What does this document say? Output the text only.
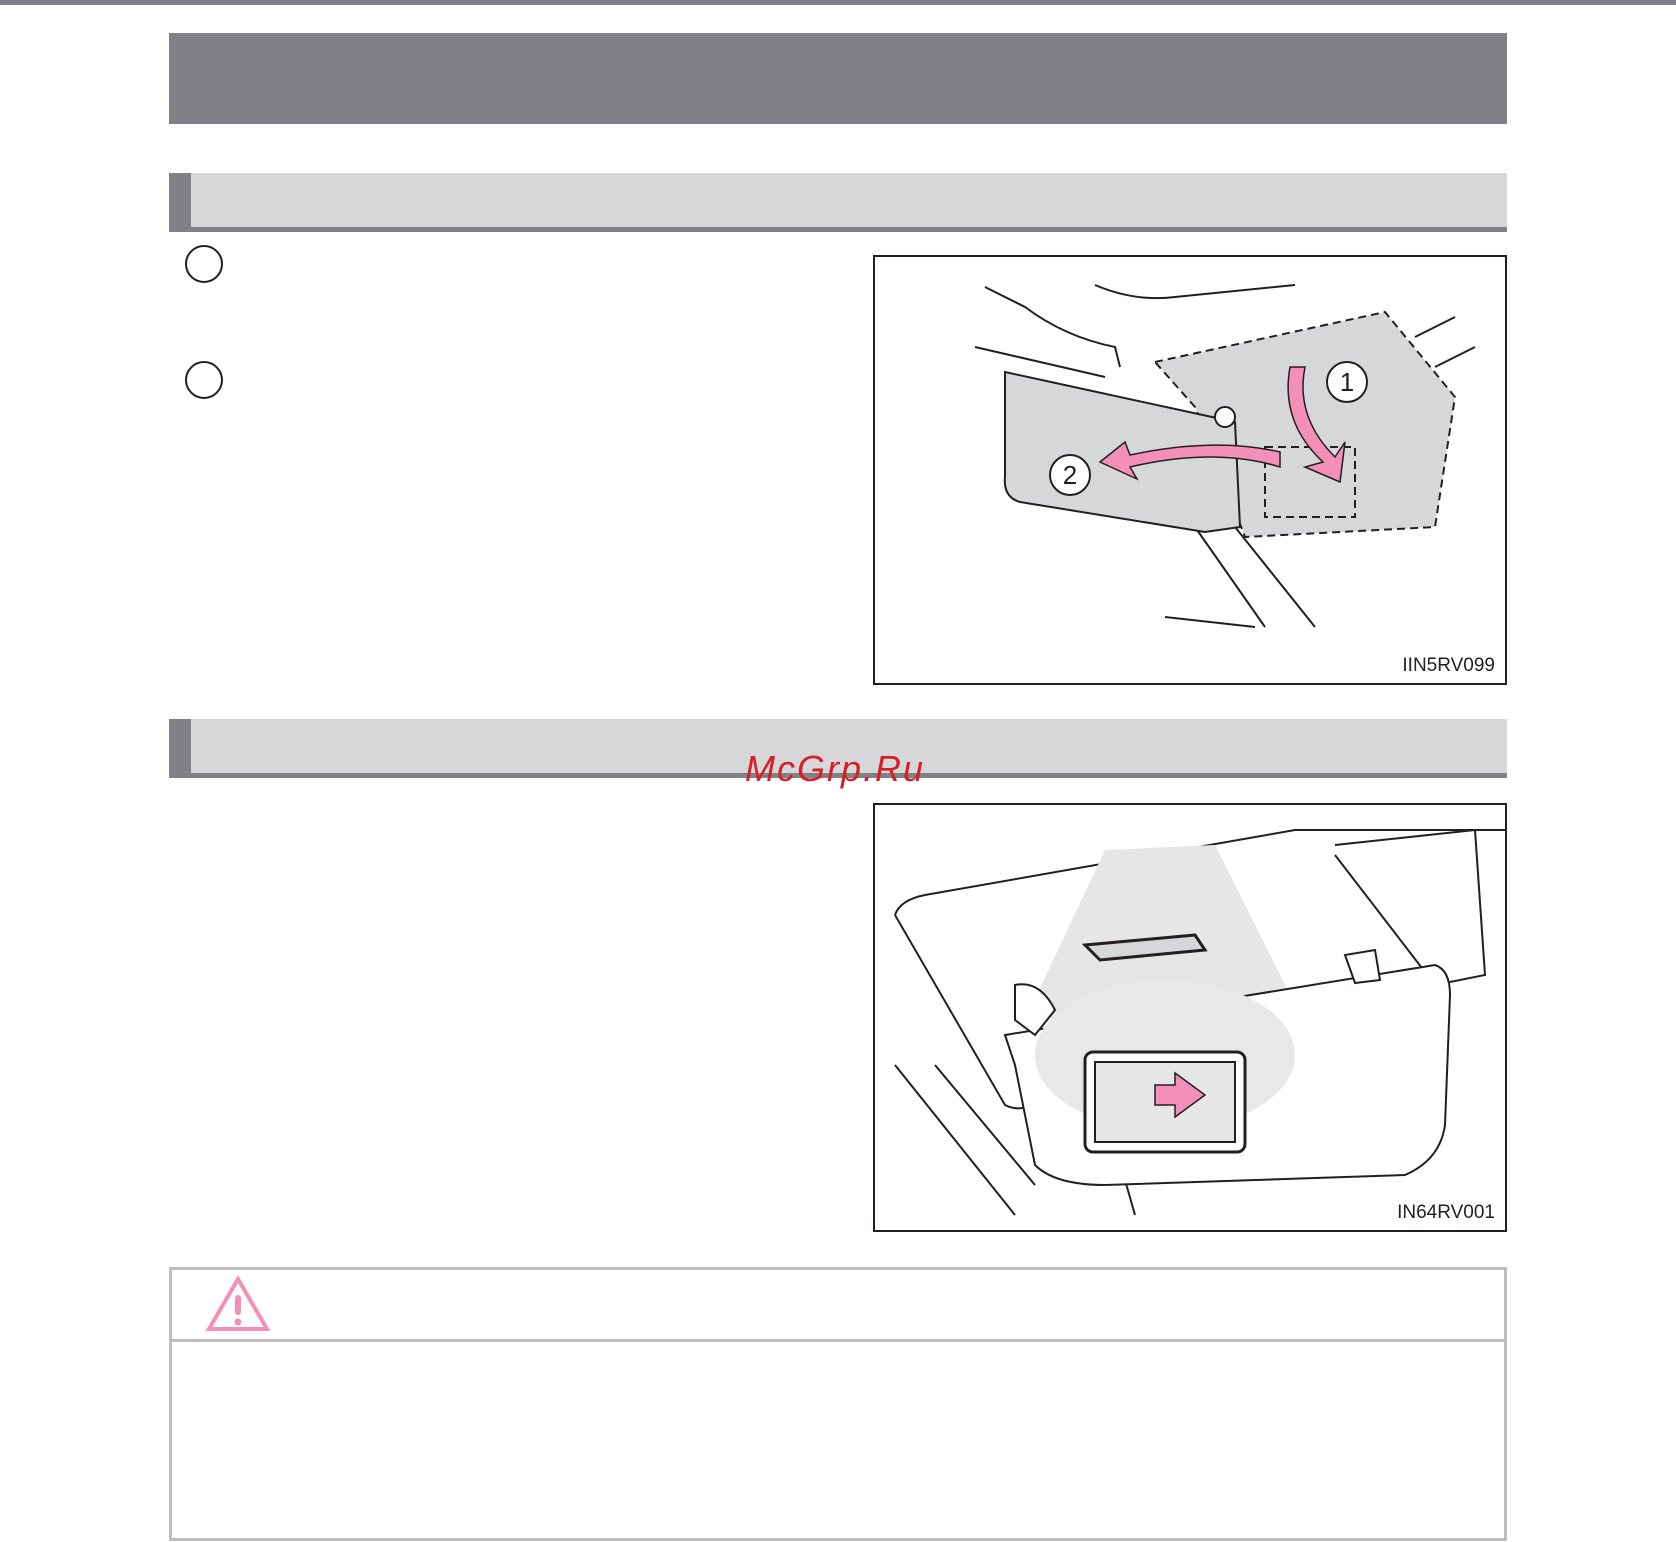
1
2
IIN5RV099
IN64RV001
McGrp.Ru
